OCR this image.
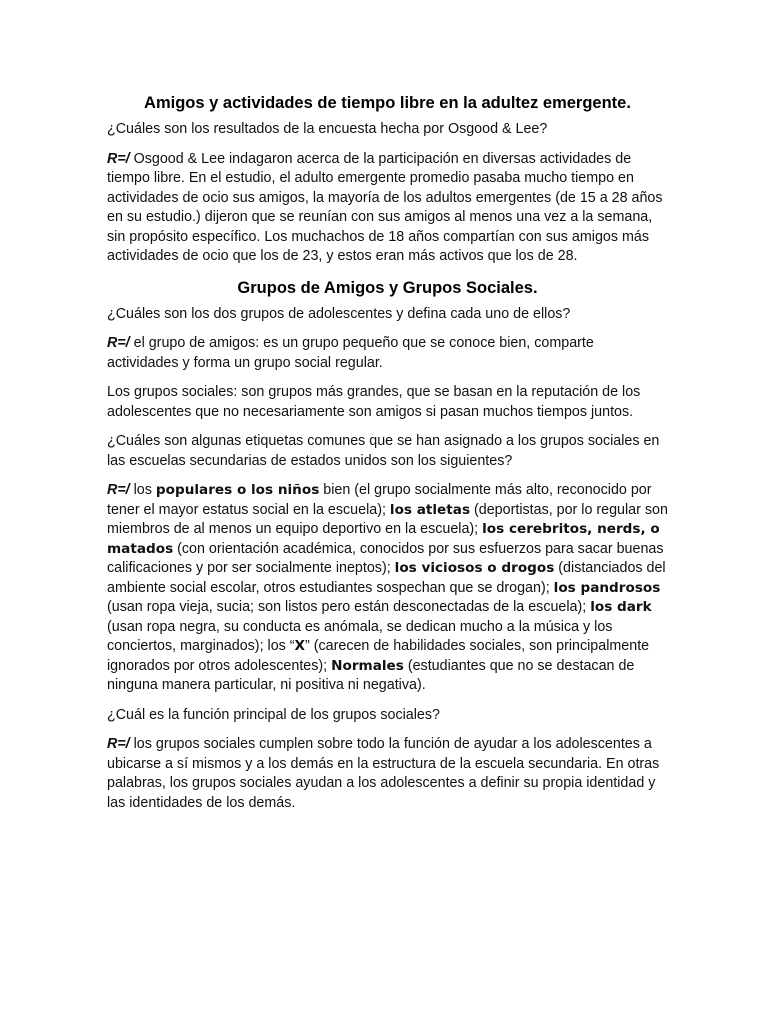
Amigos y actividades de tiempo libre en la adultez emergente.

¿Cuáles son los resultados de la encuesta hecha por Osgood & Lee?

R=/ Osgood & Lee indagaron acerca de la participación en diversas actividades de tiempo libre. En el estudio, el adulto emergente promedio pasaba mucho tiempo en actividades de ocio sus amigos, la mayoría de los adultos emergentes (de 15 a 28 años en su estudio.) dijeron que se reunían con sus amigos al menos una vez a la semana, sin propósito específico. Los muchachos de 18 años compartían con sus amigos más actividades de ocio que los de 23, y estos eran más activos que los de 28.

Grupos de Amigos y Grupos Sociales.

¿Cuáles son los dos grupos de adolescentes y defina cada uno de ellos?

R=/ el grupo de amigos: es un grupo pequeño que se conoce bien, comparte actividades y forma un grupo social regular.

Los grupos sociales: son grupos más grandes, que se basan en la reputación de los adolescentes que no necesariamente son amigos si pasan muchos tiempos juntos.

¿Cuáles son algunas etiquetas comunes que se han asignado a los grupos sociales en las escuelas secundarias de estados unidos son los siguientes?

R=/ los populares o los niños bien (el grupo socialmente más alto, reconocido por tener el mayor estatus social en la escuela); los atletas (deportistas, por lo regular son miembros de al menos un equipo deportivo en la escuela); los cerebritos, nerds, o matados (con orientación académica, conocidos por sus esfuerzos para sacar buenas calificaciones y por ser socialmente ineptos); los viciosos o drogos (distanciados del ambiente social escolar, otros estudiantes sospechan que se drogan); los pandrosos (usan ropa vieja, sucia; son listos pero están desconectadas de la escuela); los dark (usan ropa negra, su conducta es anómala, se dedican mucho a la música y los conciertos, marginados); los “X” (carecen de habilidades sociales, son principalmente ignorados por otros adolescentes); Normales (estudiantes que no se destacan de ninguna manera particular, ni positiva ni negativa).

¿Cuál es la función principal de los grupos sociales?

R=/ los grupos sociales cumplen sobre todo la función de ayudar a los adolescentes a ubicarse a sí mismos y a los demás en la estructura de la escuela secundaria. En otras palabras, los grupos sociales ayudan a los adolescentes a definir su propia identidad y las identidades de los demás.
